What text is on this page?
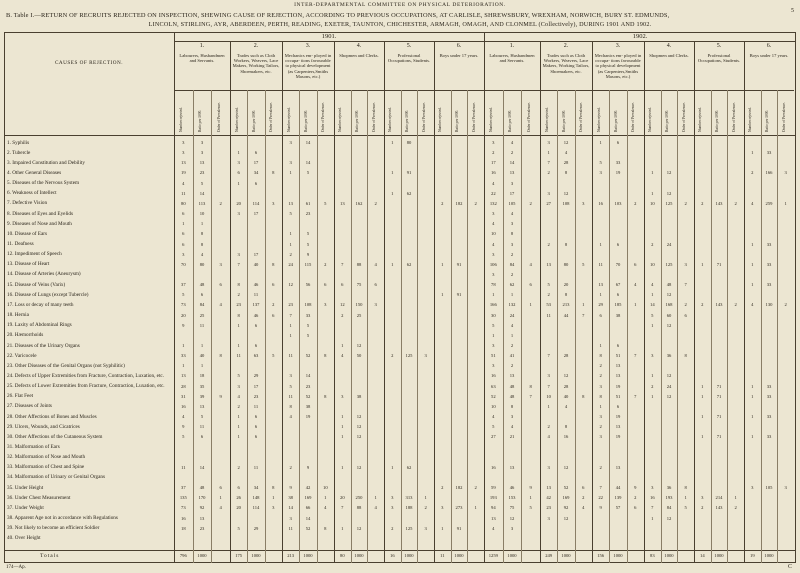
INTER-DEPARTMENTAL COMMITTEE ON PHYSICAL DETERIORATION.
5
B. Table I.—RETURN OF RECRUITS REJECTED ON INSPECTION, SHEWING CAUSE OF REJECTION, ACCORDING TO PREVIOUS OCCUPATIONS, AT CARLISLE, SHREWSBURY, WREXHAM, NORWICH, BURY ST. EDMUNDS,
LINCOLN, STIRLING, AYR, ABERDEEN, PERTH, READING, EXETER, TAUNTON, CHICHESTER, ARMAGH, OMAGH, AND CLONMEL (Collectively), DURING 1901 AND 1902.
1901.	1902.
CAUSES OF REJECTION.
1.
Labourers, Husbandmen and Servants.
Number rejected.
3
3
13
19
4
11
80
6
1
6
6
3
70
37
5
73
20
9
1
33
1
13
28
31
16
4
9
5
11
37
135
73
16
18
796
Ratio per 1000.
3
3
13
23
5
14
113
10
1
8
8
4
80
48
6
84
25
11
1
40
1
18
35
39
13
5
11
6
14
48
170
92
13
23
1000
Order of Prevalence.
2
3
6
4
8
9
6
1
4
2.
Trades such as Cloth Workers, Weavers, Lace Makers, Working Tailors, Shoemakers, etc.
Number rejected.
1
3
6
1
20
3
3
7
8
2
23
8
1
1
11
5
3
4
2
1
1
1
2
6
26
20
5
175
Ratio per 1000.
6
17
34
6
114
17
17
40
46
11
137
46
6
6
63
29
17
23
11
6
6
6
11
34
148
114
29
1000
Order of Prevalence.
8
3
8
6
2
6
5
8
1
3
3.
Mechanics em- ployed in occupa- tions favourable to physical development (as Carpenters,Smiths Masons, etc.)
Number rejected.
3
3
1
13
5
1
1
2
24
12
23
7
1
1
11
3
5
11
8
4
2
9
38
14
3
11
213
Ratio per 1000.
14
14
5
61
23
5
5
9
115
56
108
33
5
5
52
14
23
52
38
19
9
42
169
66
14
52
1000
Order of Prevalence.
5
2
6
3
8
8
10
1
4
8
4.
Shopmen and Clerks.
Number rejected.
13
7
6
12
2
1
4
3
1
1
1
1
20
7
1
80
Ratio per 1000.
162
88
75
150
25
12
50
38
12
12
12
12
250
88
12
1000
Order of Prevalence.
2
4
6
3
1
4
5.
Professional Occupations, Students.
Number rejected.
1
1
1
1
2
1
3
3
2
16
Ratio per 1000.
80
91
62
62
125
62
313
188
125
1000
Order of Prevalence.
3
1
2
3
6.
Boys under 17 years.
Number rejected.
2
1
1
2
3
1
11
Ratio per 1000.
182
91
91
182
273
91
1000
Order of Prevalence.
2
2
1
1.
Labourers, Husbandmen and Servants.
Number rejected.
3
2
17
16
4
22
132
3
4
10
4
3
106
3
78
1
166
30
5
1
3
51
3
16
63
52
10
4
5
27
16
59
193
94
13
4
1259
Ratio per 1000.
4
2
14
13
3
17
105
4
3
8
3
2
84
2
62
1
132
24
4
1
2
41
2
13
48
48
8
3
4
21
13
46
153
75
12
3
1000
Order of Prevalence.
2
4
6
1
8
7
9
1
5
2.
Trades such as Cloth Workers, Weavers, Lace Makers, Working Tailors, Shoemakers, etc.
Number rejected.
3
1
7
2
3
27
2
13
5
2
53
11
7
3
7
10
1
2
4
3
13
42
23
3
249
Ratio per 1000.
12
4
28
8
12
108
8
80
20
8
213
44
28
12
28
40
4
8
16
12
52
169
92
12
1000
Order of Prevalence.
3
5
1
7
8
6
2
4
3.
Mechanics em- ployed in occupa- tions favourable to physical development (as Carpenters,Smiths Masons, etc.)
Number rejected.
1
5
3
16
1
11
13
1
29
6
1
8
2
2
3
8
1
3
2
3
2
7
22
9
156
Ratio per 1000.
6
33
19
103
6
70
67
6
185
38
6
51
13
13
19
51
6
19
13
19
13
44
139
57
1000
Order of Prevalence.
2
6
4
1
7
7
9
2
6
4.
Shopmen and Clerks.
Number rejected.
1
1
10
2
10
4
1
14
5
1
3
1
2
1
3
16
7
1
83
Ratio per 1000.
12
12
125
24
125
48
12
168
60
12
36
12
24
12
36
193
84
12
1000
Order of Prevalence.
2
3
7
2
6
8
8
1
5
5.
Professional Occupations, Students.
Number rejected.
2
1
2
1
1
1
1
3
2
14
Ratio per 1000.
143
71
143
71
71
71
71
214
143
1000
Order of Prevalence.
2
2
1
2
6.
Boys under 17 years.
Number rejected.
1
2
4
1
1
1
4
1
1
1
1
3
19
Ratio per 1000.
33
166
259
33
33
33
130
33
33
33
33
105
1000
Order of Prevalence.
3
1
2
3
1. Syphilis
2. Tubercle
3. Impaired Constitution and Debility
4. Other General Diseases
5. Diseases of the Nervous System
6. Weakness of Intellect
7. Defective Vision
8. Diseases of Eyes and Eyelids
9. Diseases of Nose and Mouth
10. Disease of Ears
11. Deafness
12. Impediment of Speech
13. Disease of Heart
14. Disease of Arteries (Aneurysm)
15. Disease of Veins (Varix)
16. Disease of Lungs (except Tubercle)
17. Loss or decay of many teeth
18. Hernia
19. Laxity of Abdominal Rings
20. Hæmorrhoids
21. Diseases of the Urinary Organs
22. Varicocele
23. Other Diseases of the Genital Organs (not Syphilitic)
24. Defects of Upper Extremities from Fracture, Contraction, Luxation, etc.
25. Defects of Lower Extremities from Fracture, Contraction, Luxation, etc.
26. Flat Feet
27. Diseases of Joints
28. Other Affections of Bones and Muscles
29. Ulcers, Wounds, and Cicatrices
30. Other Affections of the Cutaneous System
31. Malformation of Ears
32. Malformation of Nose and Mouth
33. Malformation of Chest and Spine
34. Malformation of Urinary or Genital Organs
35. Under Height
36. Under Chest Measurement
37. Under Weight
38. Apparent Age not in accordance with Regulations
39. Not likely to become an efficient Soldier
40. Over Height
Totals
174—Ap.	C
